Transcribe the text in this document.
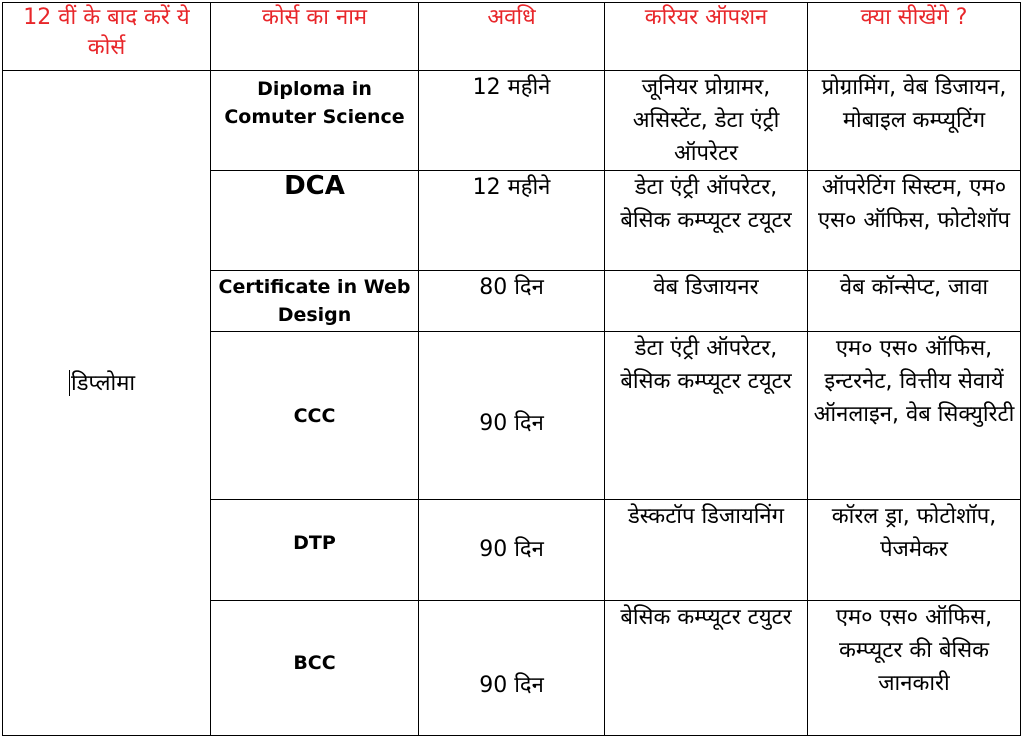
12 वीं के बाद करें ये कोर्स	कोर्स का नाम	अवधि	करियर ऑपशन	क्या सीखेंगे ?
डिप्लोमा	Diploma in Comuter Science	12 महीने	जूनियर प्रोग्रामर, असिस्टेंट, डेटा एंट्री ऑपरेटर	प्रोग्रामिंग, वेब डिजायन, मोबाइल कम्प्यूटिंग
	DCA	12 महीने	डेटा एंट्री ऑपरेटर, बेसिक कम्प्यूटर टयूटर	ऑपरेटिंग सिस्टम, एम० एस० ऑफिस, फोटोशॉप
	Certificate in Web Design	80 दिन	वेब डिजायनर	वेब कॉन्सेप्ट, जावा
	CCC	90 दिन	डेटा एंट्री ऑपरेटर, बेसिक कम्प्यूटर टयूटर	एम० एस० ऑफिस, इन्टरनेट, वित्तीय सेवायें ऑनलाइन, वेब सिक्युरिटी
	DTP	90 दिन	डेस्कटॉप डिजायनिंग	कॉरल ड्रा, फोटोशॉप, पेजमेकर
	BCC	90 दिन	बेसिक कम्प्यूटर टयुटर	एम० एस० ऑफिस, कम्प्यूटर की बेसिक जानकारी
